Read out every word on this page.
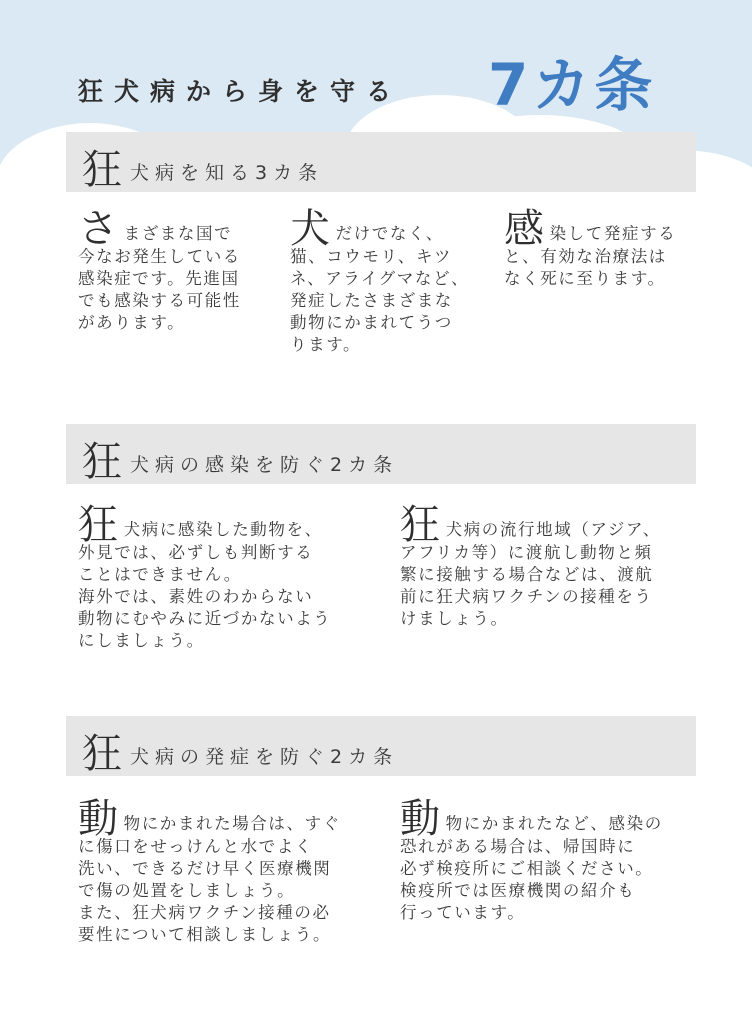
狂犬病から身を守る 7カ条
狂 犬病を知る3カ条
さまざまな国で
今なお発生している
感染症です。先進国
でも感染する可能性
があります。
犬だけでなく、
猫、コウモリ、キツ
ネ、アライグマなど、
発症したさまざまな
動物にかまれてうつ
ります。
感染して発症する
と、有効な治療法は
なく死に至ります。
狂 犬病の感染を防ぐ2カ条
狂犬病に感染した動物を、
外見では、必ずしも判断する
ことはできません。
海外では、素姓のわからない
動物にむやみに近づかないよう
にしましょう。
狂犬病の流行地域（アジア、
アフリカ等）に渡航し動物と頻
繁に接触する場合などは、渡航
前に狂犬病ワクチンの接種をう
けましょう。
狂 犬病の発症を防ぐ2カ条
動物にかまれた場合は、すぐ
に傷口をせっけんと水でよく
洗い、できるだけ早く医療機関
で傷の処置をしましょう。
また、狂犬病ワクチン接種の必
要性について相談しましょう。
動物にかまれたなど、感染の
恐れがある場合は、帰国時に
必ず検疫所にご相談ください。
検疫所では医療機関の紹介も
行っています。
